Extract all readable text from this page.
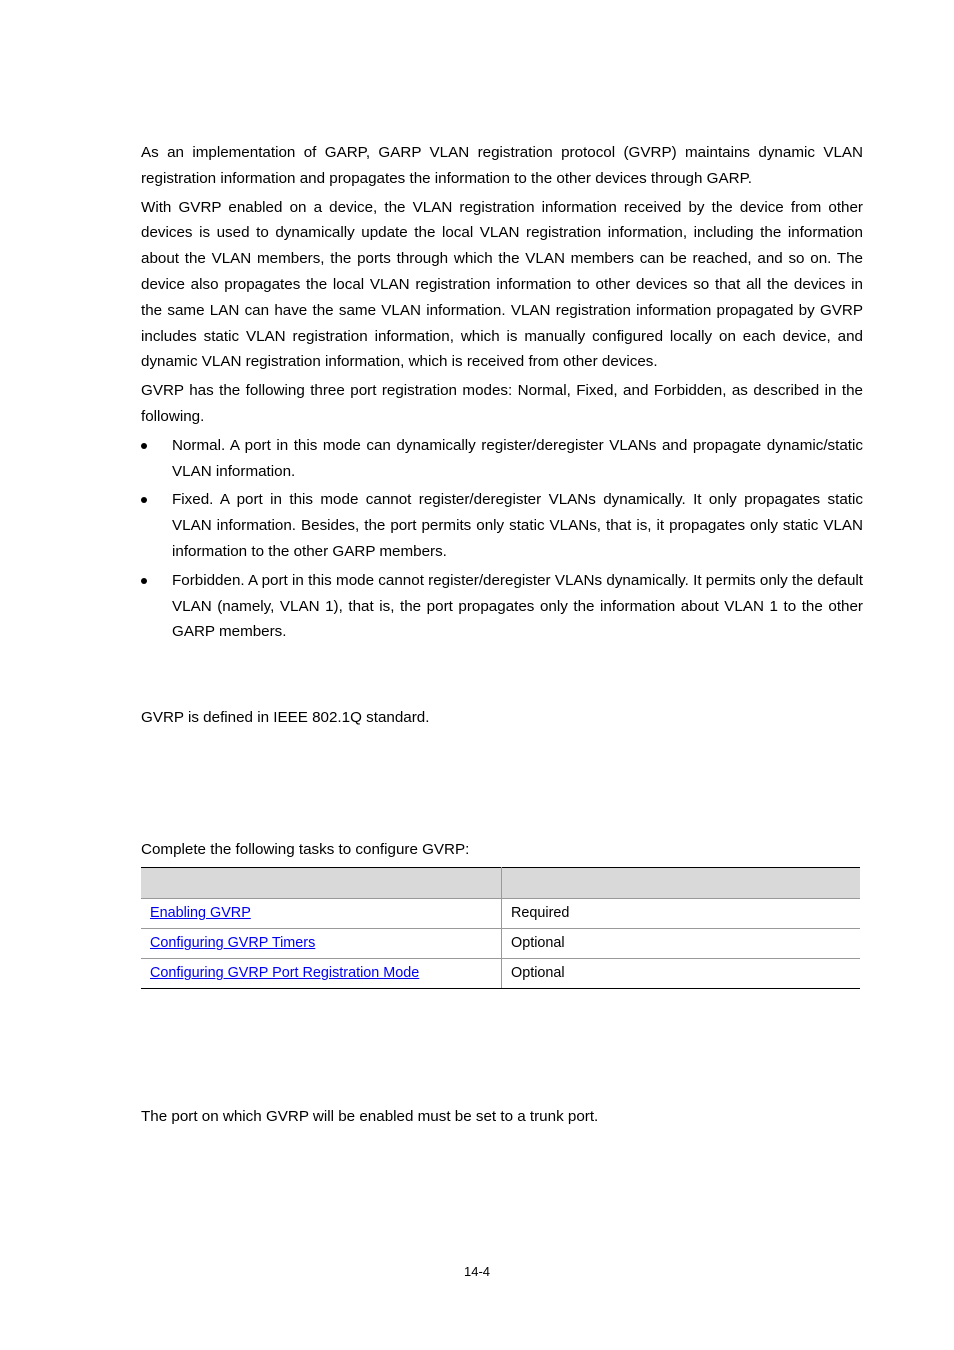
As an implementation of GARP, GARP VLAN registration protocol (GVRP) maintains dynamic VLAN registration information and propagates the information to the other devices through GARP.

With GVRP enabled on a device, the VLAN registration information received by the device from other devices is used to dynamically update the local VLAN registration information, including the information about the VLAN members, the ports through which the VLAN members can be reached, and so on. The device also propagates the local VLAN registration information to other devices so that all the devices in the same LAN can have the same VLAN information. VLAN registration information propagated by GVRP includes static VLAN registration information, which is manually configured locally on each device, and dynamic VLAN registration information, which is received from other devices.

GVRP has the following three port registration modes: Normal, Fixed, and Forbidden, as described in the following.

Normal. A port in this mode can dynamically register/deregister VLANs and propagate dynamic/static VLAN information.

Fixed. A port in this mode cannot register/deregister VLANs dynamically. It only propagates static VLAN information. Besides, the port permits only static VLANs, that is, it propagates only static VLAN information to the other GARP members.

Forbidden. A port in this mode cannot register/deregister VLANs dynamically. It permits only the default VLAN (namely, VLAN 1), that is, the port propagates only the information about VLAN 1 to the other GARP members.

GVRP is defined in IEEE 802.1Q standard.

Complete the following tasks to configure GVRP:

Enabling GVRP	Required
Configuring GVRP Timers	Optional
Configuring GVRP Port Registration Mode	Optional

The port on which GVRP will be enabled must be set to a trunk port.

14-4
